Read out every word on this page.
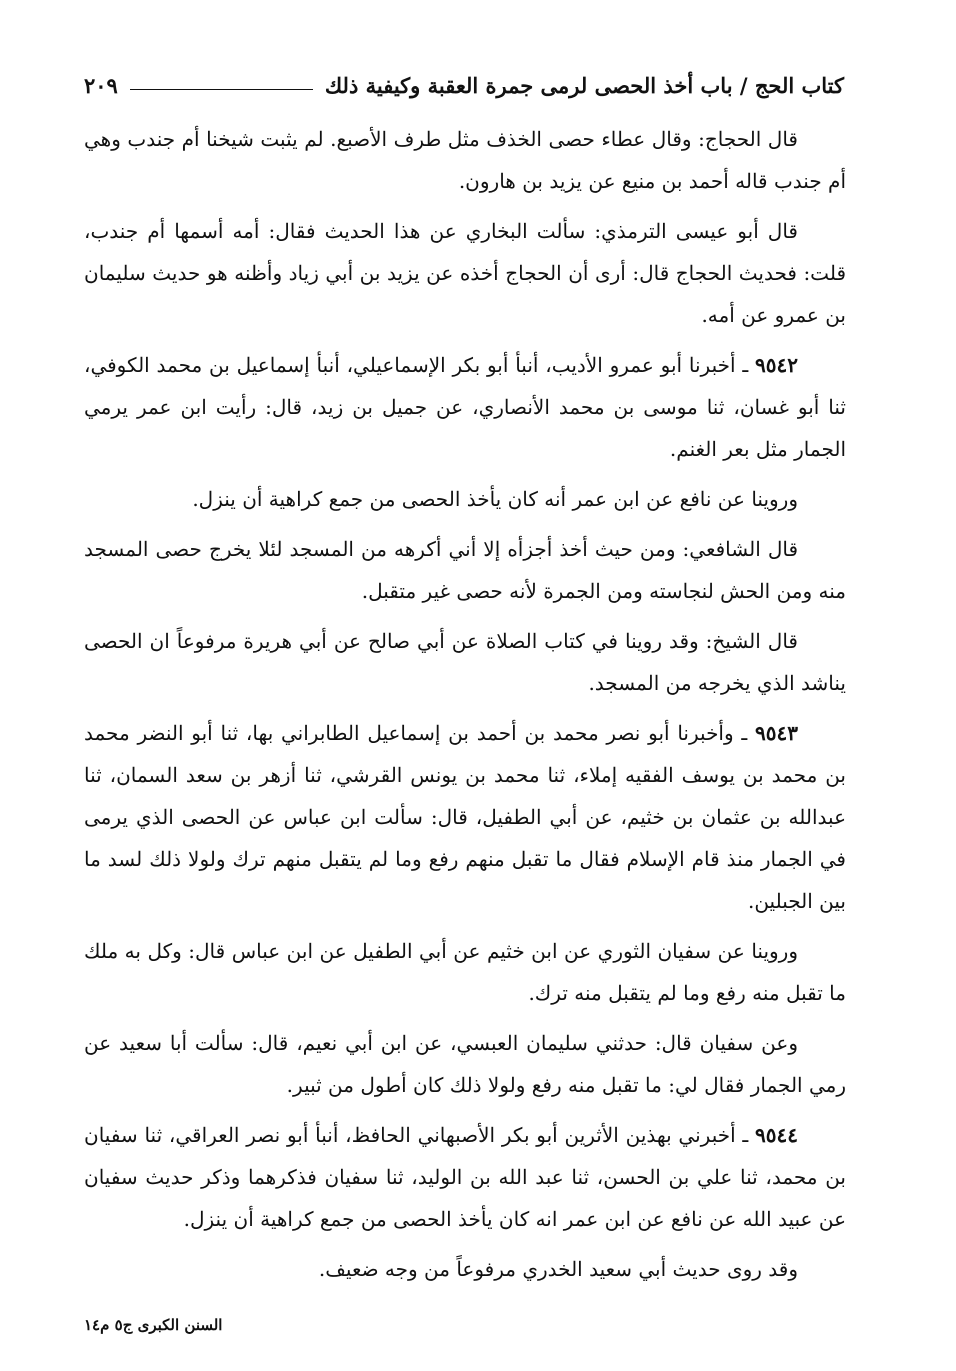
كتاب الحج / باب أخذ الحصى لرمى جمرة العقبة وكيفية ذلك
٢٠٩

قال الحجاج: وقال عطاء حصى الخذف مثل طرف الأصبع. لم يثبت شيخنا أم جندب وهي أم جندب قاله أحمد بن منيع عن يزيد بن هارون.

قال أبو عيسى الترمذي: سألت البخاري عن هذا الحديث فقال: أمه أسمها أم جندب، قلت: فحديث الحجاج قال: أرى أن الحجاج أخذه عن يزيد بن أبي زياد وأظنه هو حديث سليمان بن عمرو عن أمه.

٩٥٤٢ ـ أخبرنا أبو عمرو الأديب، أنبأ أبو بكر الإسماعيلي، أنبأ إسماعيل بن محمد الكوفي، ثنا أبو غسان، ثنا موسى بن محمد الأنصاري، عن جميل بن زيد، قال: رأيت ابن عمر يرمي الجمار مثل بعر الغنم.

وروينا عن نافع عن ابن عمر أنه كان يأخذ الحصى من جمع كراهية أن ينزل.

قال الشافعي: ومن حيث أخذ أجزأه إلا أني أكرهه من المسجد لئلا يخرج حصى المسجد منه ومن الحش لنجاسته ومن الجمرة لأنه حصى غير متقبل.

قال الشيخ: وقد روينا في كتاب الصلاة عن أبي صالح عن أبي هريرة مرفوعاً ان الحصى يناشد الذي يخرجه من المسجد.

٩٥٤٣ ـ وأخبرنا أبو نصر محمد بن أحمد بن إسماعيل الطابراني بها، ثنا أبو النضر محمد بن محمد بن يوسف الفقيه إملاء، ثنا محمد بن يونس القرشي، ثنا أزهر بن سعد السمان، ثنا عبدالله بن عثمان بن خثيم، عن أبي الطفيل، قال: سألت ابن عباس عن الحصى الذي يرمى في الجمار منذ قام الإسلام فقال ما تقبل منهم رفع وما لم يتقبل منهم ترك ولولا ذلك لسد ما بين الجبلين.

وروينا عن سفيان الثوري عن ابن خثيم عن أبي الطفيل عن ابن عباس قال: وكل به ملك ما تقبل منه رفع وما لم يتقبل منه ترك.

وعن سفيان قال: حدثني سليمان العبسي، عن ابن أبي نعيم، قال: سألت أبا سعيد عن رمي الجمار فقال لي: ما تقبل منه رفع ولولا ذلك كان أطول من ثبير.

٩٥٤٤ ـ أخبرني بهذين الأثرين أبو بكر الأصبهاني الحافظ، أنبأ أبو نصر العراقي، ثنا سفيان بن محمد، ثنا علي بن الحسن، ثنا عبد الله بن الوليد، ثنا سفيان فذكرهما وذكر حديث سفيان عن عبيد الله عن نافع عن ابن عمر انه كان يأخذ الحصى من جمع كراهية أن ينزل.

وقد روى حديث أبي سعيد الخدري مرفوعاً من وجه ضعيف.

السنن الكبرى ج٥ م١٤
